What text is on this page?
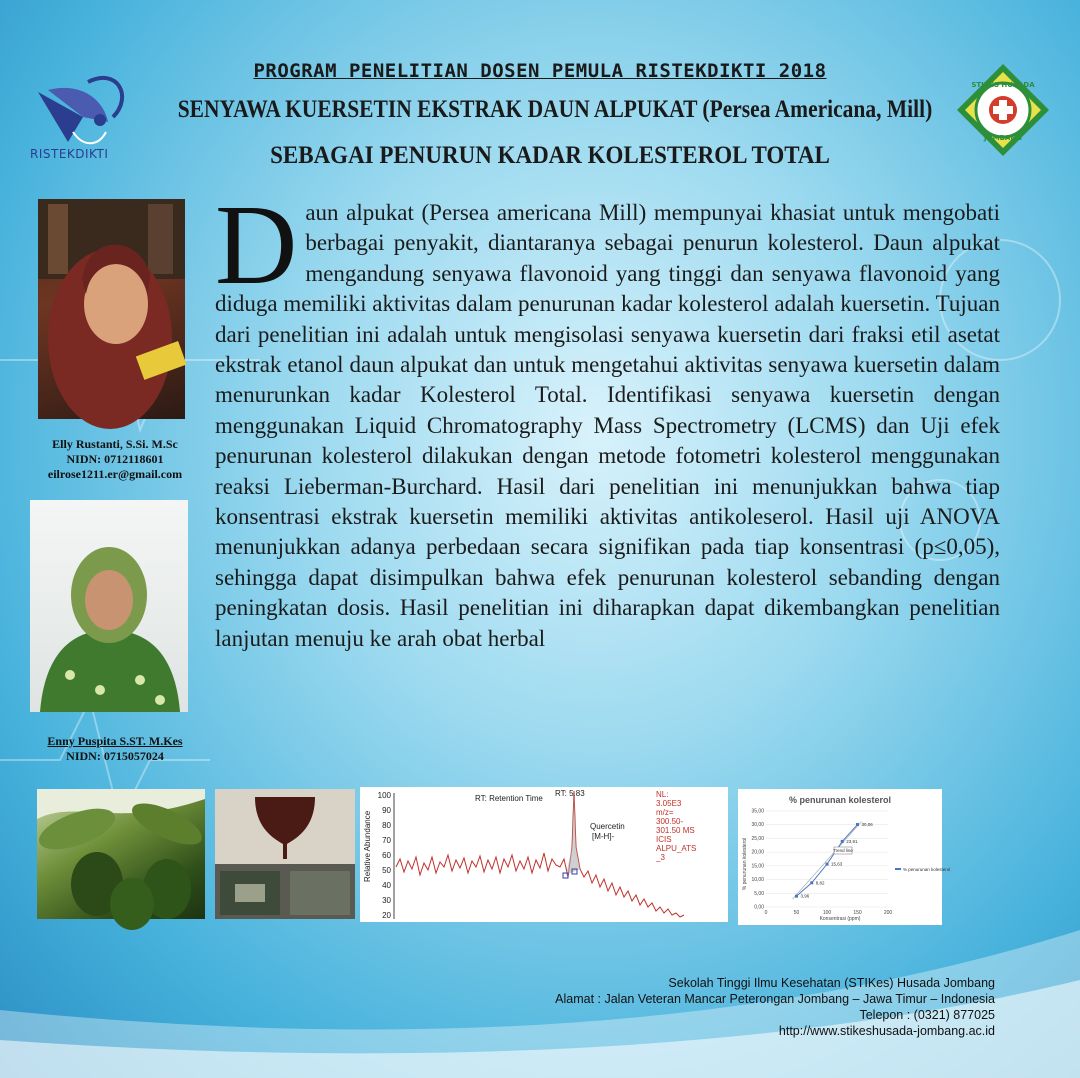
RISTEKDIKTI
STIKES HUSADA
JOMBANG
PROGRAM PENELITIAN DOSEN PEMULA RISTEKDIKTI 2018
SENYAWA KUERSETIN EKSTRAK DAUN ALPUKAT (Persea Americana, Mill)
SEBAGAI PENURUN KADAR KOLESTEROL TOTAL
Elly Rustanti, S.Si. M.Sc
NIDN: 0712118601
eilrose1211.er@gmail.com
Enny Puspita S.ST. M.Kes
NIDN: 0715057024
Daun alpukat (Persea americana Mill) mempunyai khasiat untuk mengobati berbagai penyakit, diantaranya sebagai penurun kolesterol. Daun alpukat mengandung senyawa flavonoid yang tinggi dan senyawa flavonoid yang diduga memiliki aktivitas dalam penurunan kadar kolesterol adalah kuersetin. Tujuan dari penelitian ini adalah untuk mengisolasi senyawa kuersetin dari fraksi etil asetat ekstrak etanol daun alpukat dan untuk mengetahui aktivitas senyawa kuersetin dalam menurunkan kadar Kolesterol Total. Identifikasi senyawa kuersetin dengan menggunakan Liquid Chromatography Mass Spectrometry (LCMS) dan Uji efek penurunan kolesterol dilakukan dengan metode fotometri kolesterol menggunakan reaksi Lieberman-Burchard. Hasil dari penelitian ini menunjukkan bahwa tiap konsentrasi ekstrak kuersetin memiliki aktivitas antikoleserol. Hasil uji ANOVA menunjukkan adanya perbedaan secara signifikan pada tiap konsentrasi (p≤0,05), sehingga dapat disimpulkan bahwa efek penurunan kolesterol sebanding dengan peningkatan dosis. Hasil penelitian ini diharapkan dapat dikembangkan penelitian lanjutan menuju ke arah obat herbal
Relative Abundance
100
90
80
70
60
50
40
30
20
RT: Retention Time
RT: 5.83
Quercetin
[M-H]-
NL:
3.05E3
m/z=
300.50-
301.50 MS
ICIS
ALPU_ATS
_3
% penurunan kolesterol
% penurunan kolesterol
Konsentrasi (ppm)
0,00
5,00
10,00
15,00
20,00
25,00
30,00
35,00
0	50	100	150	200
3,96
8,82
15,63
23,91
30,06
Trend line
% penurunan kolesterol
Sekolah Tinggi Ilmu Kesehatan (STIKes) Husada Jombang
Alamat : Jalan Veteran Mancar Peterongan Jombang – Jawa Timur – Indonesia
Telepon : (0321) 877025
http://www.stikeshusada-jombang.ac.id
